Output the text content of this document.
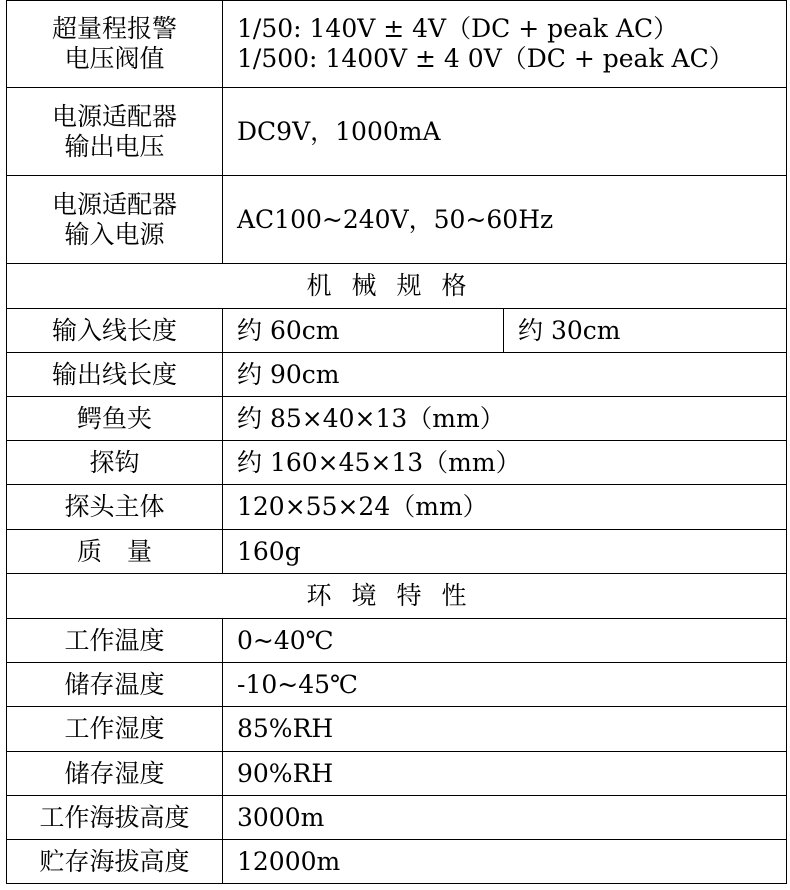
超量程报警
电压阀值	1/50: 140V ± 4V（DC + peak AC）
1/500: 1400V ± 4 0V（DC + peak AC）	

电源适配器
输出电压	DC9V，1000mA	

电源适配器
输入电源	AC100~240V，50~60Hz	

机械规格		
输入线长度	约 60cm	约 30cm
输出线长度	约 90cm	
鳄鱼夹	约 85×40×13（mm）	
探钩	约 160×45×13（mm）	
探头主体	120×55×24（mm）	
质　量	160g	
环境特性		
工作温度	0~40℃	
储存温度	-10~45℃	
工作湿度	85%RH	
储存湿度	90%RH	
工作海拔高度	3000m	
贮存海拔高度	12000m	
